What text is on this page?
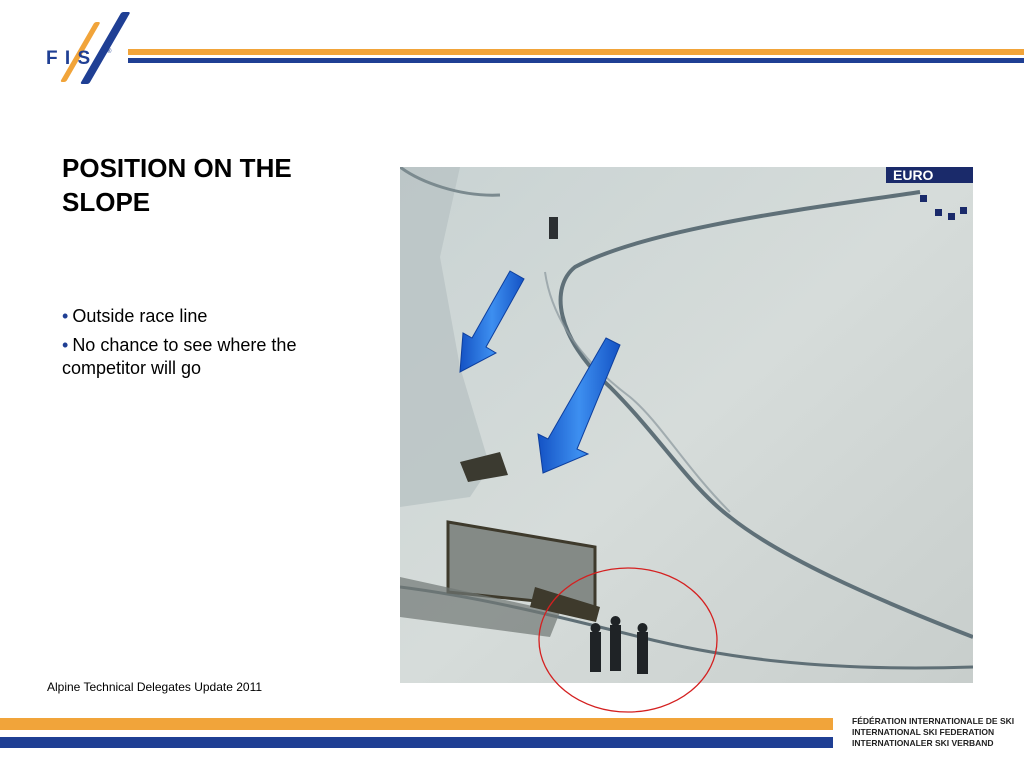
F I S	®
POSITION ON THE SLOPE
• Outside race line
• No chance to see where the competitor will go
EURO
Alpine Technical Delegates Update 2011
FÉDÉRATION INTERNATIONALE DE SKI
INTERNATIONAL SKI FEDERATION
INTERNATIONALER SKI VERBAND
